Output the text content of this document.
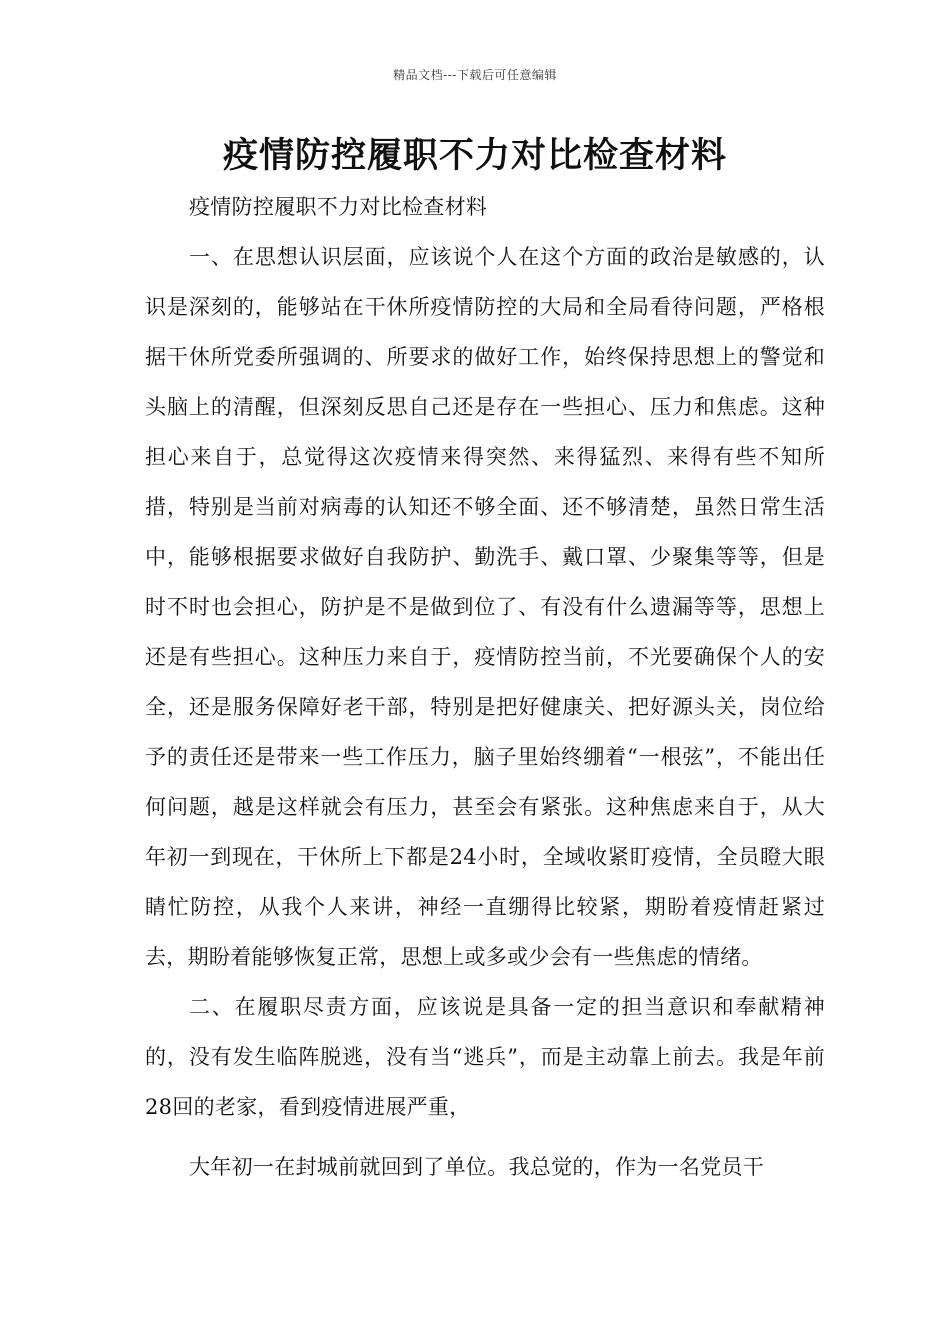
精品文档---下载后可任意编辑
疫情防控履职不力对比检查材料

疫情防控履职不力对比检查材料

一、在思想认识层面，应该说个人在这个方面的政治是敏感的，认识是深刻的，能够站在干休所疫情防控的大局和全局看待问题，严格根据干休所党委所强调的、所要求的做好工作，始终保持思想上的警觉和头脑上的清醒，但深刻反思自己还是存在一些担心、压力和焦虑。这种担心来自于，总觉得这次疫情来得突然、来得猛烈、来得有些不知所措，特别是当前对病毒的认知还不够全面、还不够清楚，虽然日常生活中，能够根据要求做好自我防护、勤洗手、戴口罩、少聚集等等，但是时不时也会担心，防护是不是做到位了、有没有什么遗漏等等，思想上还是有些担心。这种压力来自于，疫情防控当前，不光要确保个人的安全，还是服务保障好老干部，特别是把好健康关、把好源头关，岗位给予的责任还是带来一些工作压力，脑子里始终绷着“一根弦”，不能出任何问题，越是这样就会有压力，甚至会有紧张。这种焦虑来自于，从大年初一到现在，干休所上下都是24小时，全域收紧盯疫情，全员瞪大眼睛忙防控，从我个人来讲，神经一直绷得比较紧，期盼着疫情赶紧过去，期盼着能够恢复正常，思想上或多或少会有一些焦虑的情绪。

二、在履职尽责方面，应该说是具备一定的担当意识和奉献精神的，没有发生临阵脱逃，没有当“逃兵”，而是主动靠上前去。我是年前28回的老家，看到疫情进展严重，

大年初一在封城前就回到了单位。我总觉的，作为一名党员干
